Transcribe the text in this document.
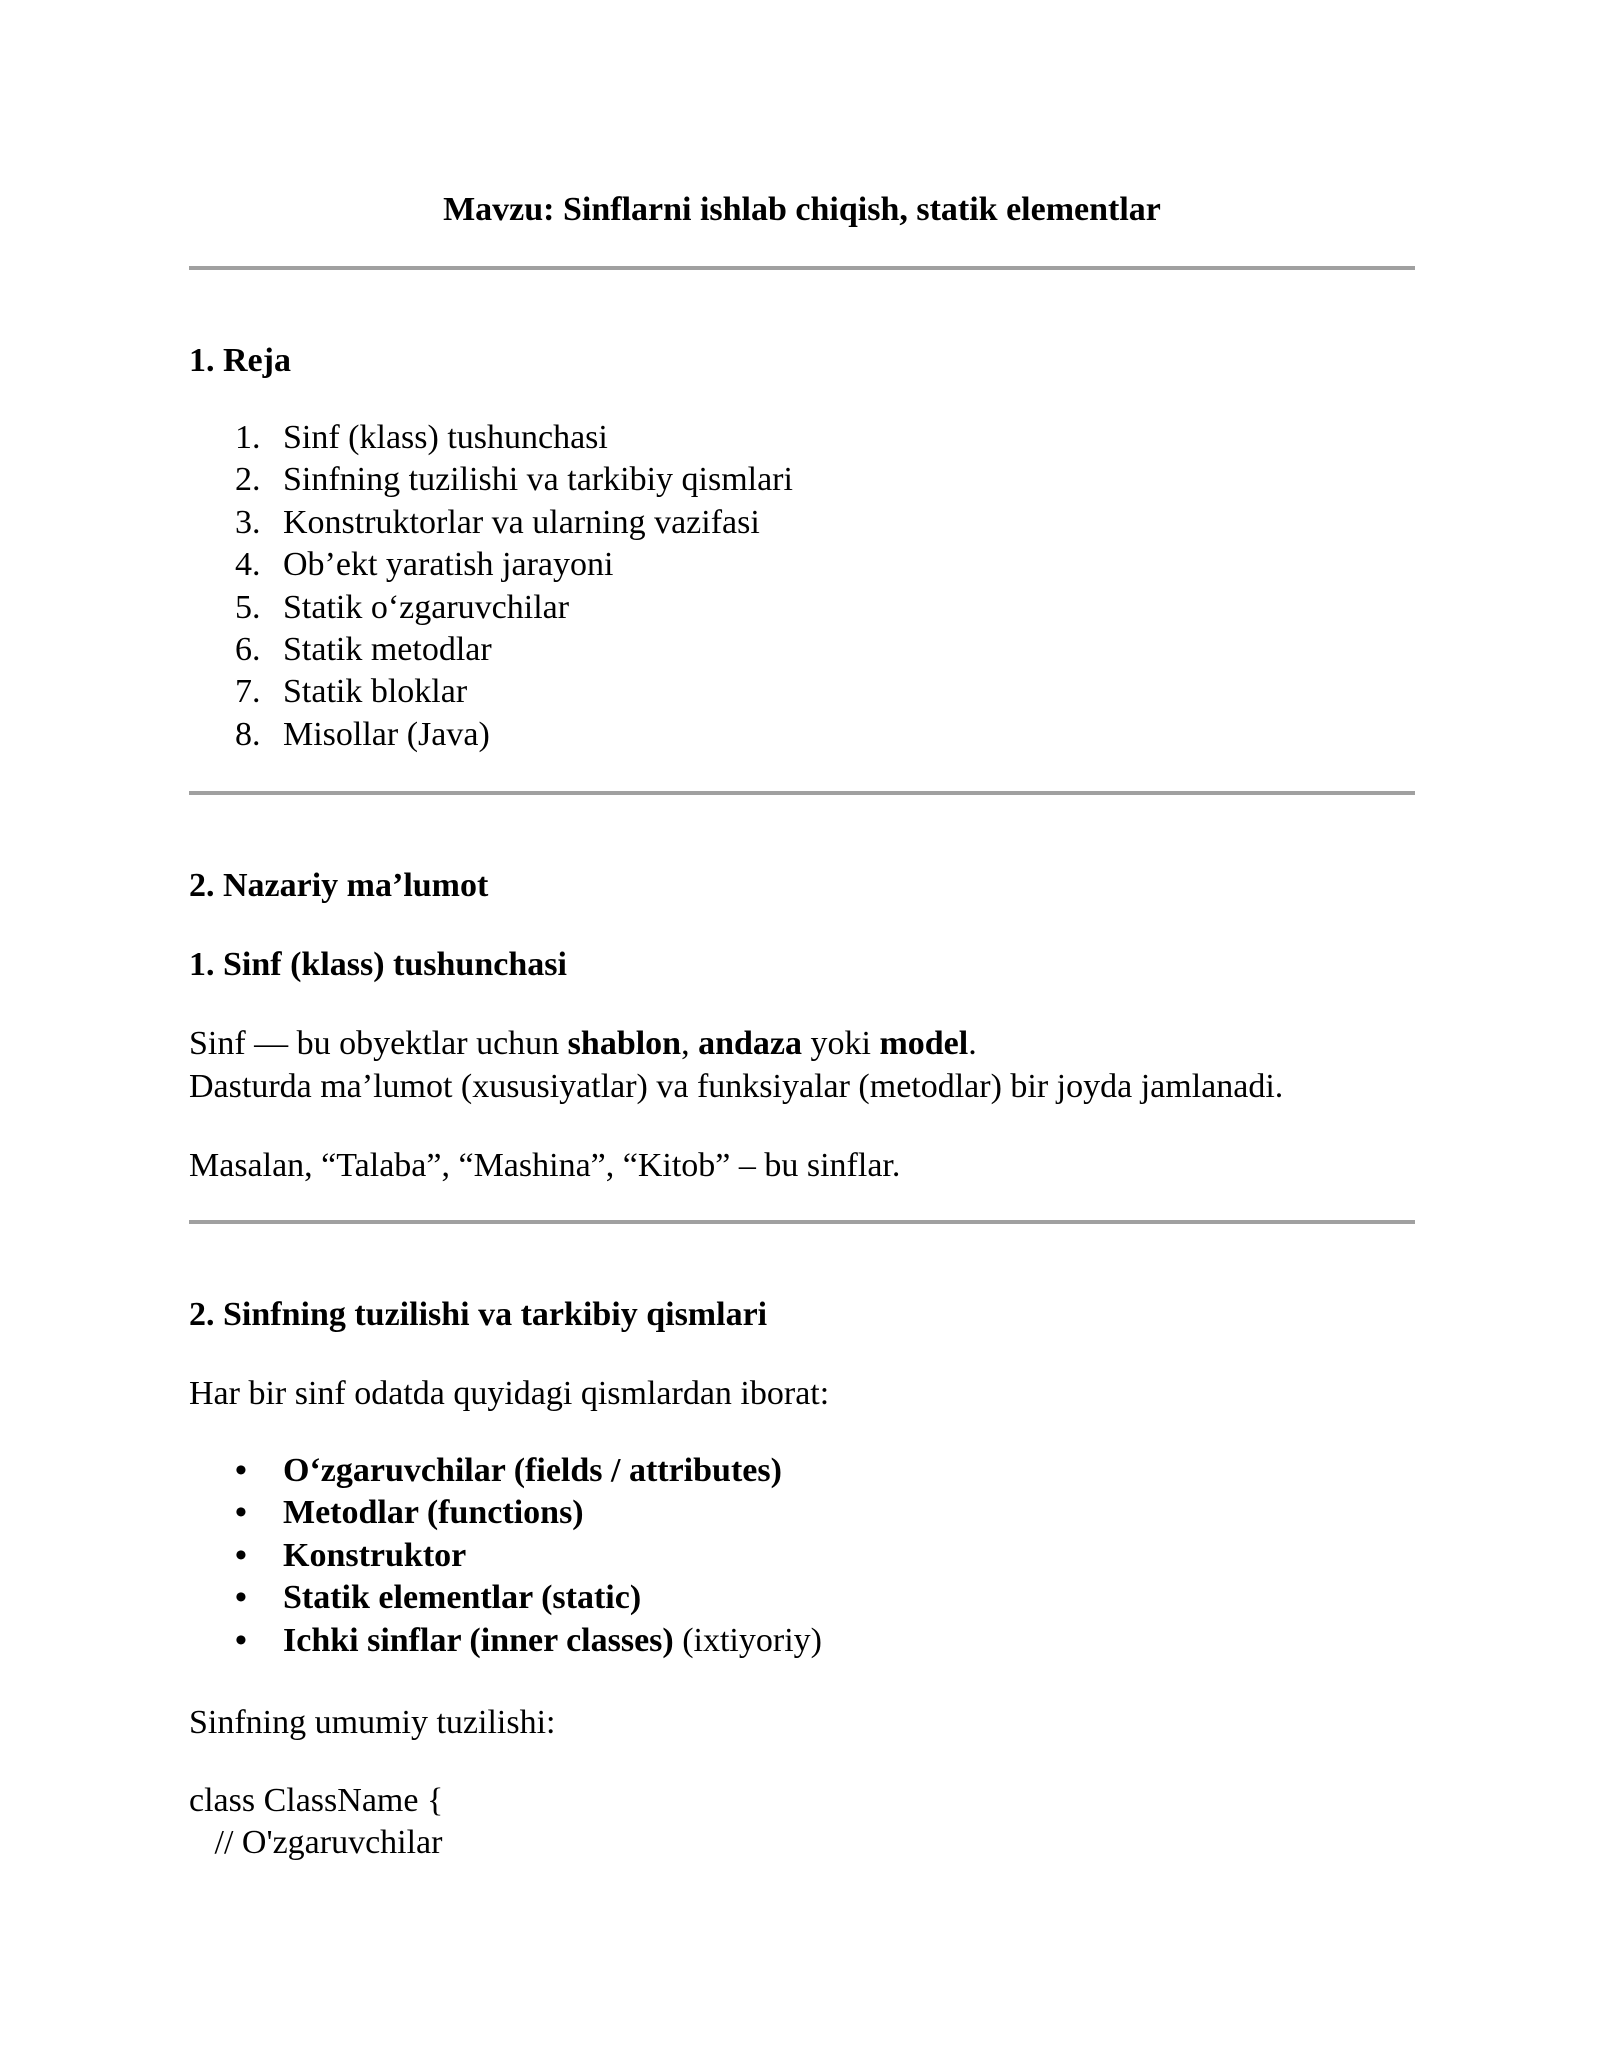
Mavzu: Sinflarni ishlab chiqish, statik elementlar
1. Reja
1. Sinf (klass) tushunchasi
2. Sinfning tuzilishi va tarkibiy qismlari
3. Konstruktorlar va ularning vazifasi
4. Ob’ekt yaratish jarayoni
5. Statik o‘zgaruvchilar
6. Statik metodlar
7. Statik bloklar
8. Misollar (Java)
2. Nazariy ma’lumot
1. Sinf (klass) tushunchasi
Sinf — bu obyektlar uchun shablon, andaza yoki model.
Dasturda ma’lumot (xususiyatlar) va funksiyalar (metodlar) bir joyda jamlanadi.
Masalan, “Talaba”, “Mashina”, “Kitob” – bu sinflar.
2. Sinfning tuzilishi va tarkibiy qismlari
Har bir sinf odatda quyidagi qismlardan iborat:
• O‘zgaruvchilar (fields / attributes)
• Metodlar (functions)
• Konstruktor
• Statik elementlar (static)
• Ichki sinflar (inner classes) (ixtiyoriy)
Sinfning umumiy tuzilishi:
class ClassName {
// O'zgaruvchilar
